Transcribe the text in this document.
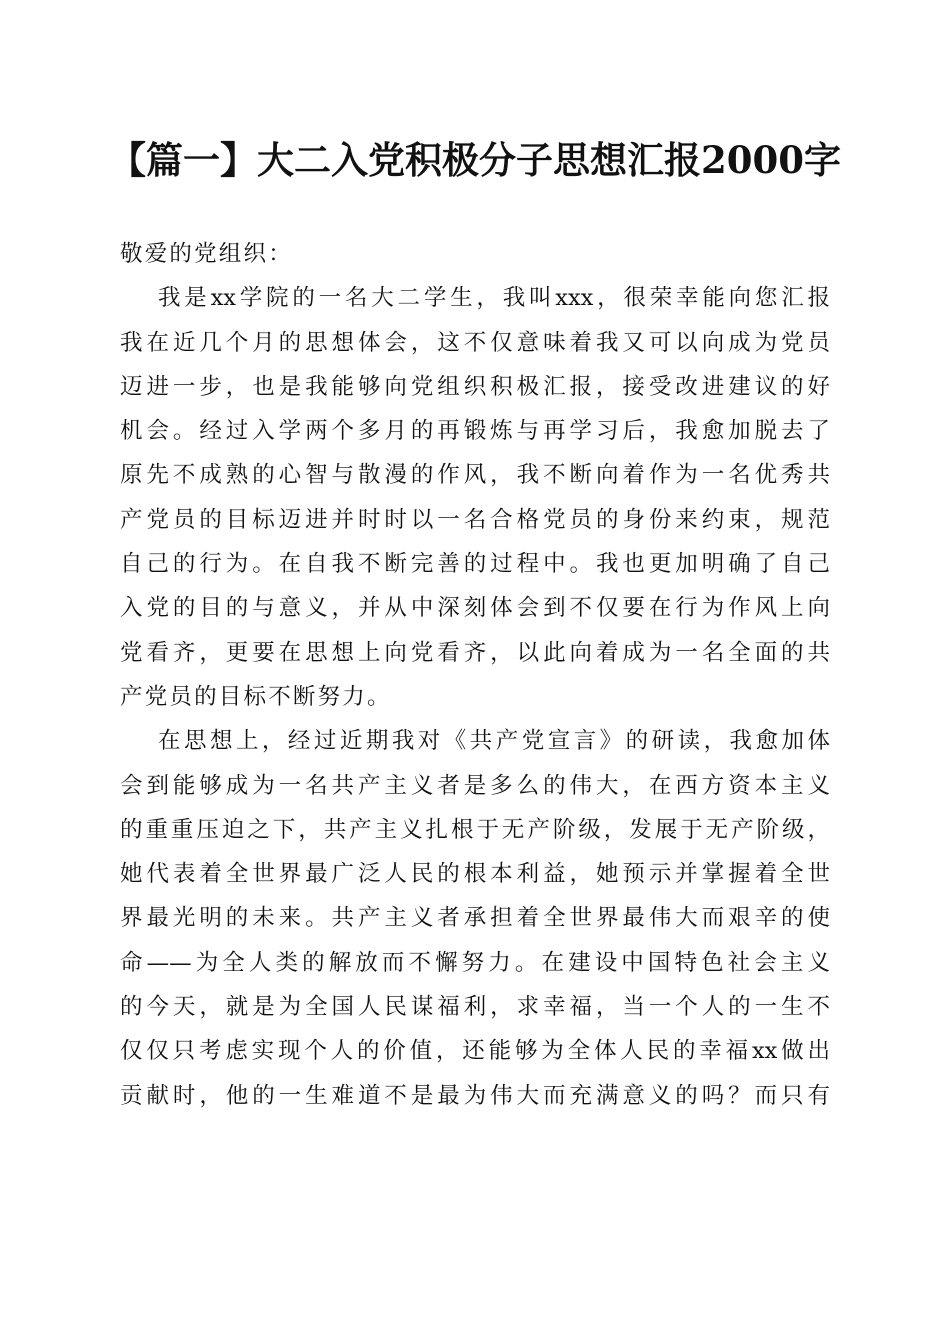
【篇一】大二入党积极分子思想汇报2000字
敬爱的党组织：
我是xx学院的一名大二学生，我叫xxx，很荣幸能向您汇报
我在近几个月的思想体会，这不仅意味着我又可以向成为党员
迈进一步，也是我能够向党组织积极汇报，接受改进建议的好
机会。经过入学两个多月的再锻炼与再学习后，我愈加脱去了
原先不成熟的心智与散漫的作风，我不断向着作为一名优秀共
产党员的目标迈进并时时以一名合格党员的身份来约束，规范
自己的行为。在自我不断完善的过程中。我也更加明确了自己
入党的目的与意义，并从中深刻体会到不仅要在行为作风上向
党看齐，更要在思想上向党看齐，以此向着成为一名全面的共
产党员的目标不断努力。
在思想上，经过近期我对《共产党宣言》的研读，我愈加体
会到能够成为一名共产主义者是多么的伟大，在西方资本主义
的重重压迫之下，共产主义扎根于无产阶级，发展于无产阶级，
她代表着全世界最广泛人民的根本利益，她预示并掌握着全世
界最光明的未来。共产主义者承担着全世界最伟大而艰辛的使
命——为全人类的解放而不懈努力。在建设中国特色社会主义
的今天，就是为全国人民谋福利，求幸福，当一个人的一生不
仅仅只考虑实现个人的价值，还能够为全体人民的幸福xx做出
贡献时，他的一生难道不是最为伟大而充满意义的吗？而只有
